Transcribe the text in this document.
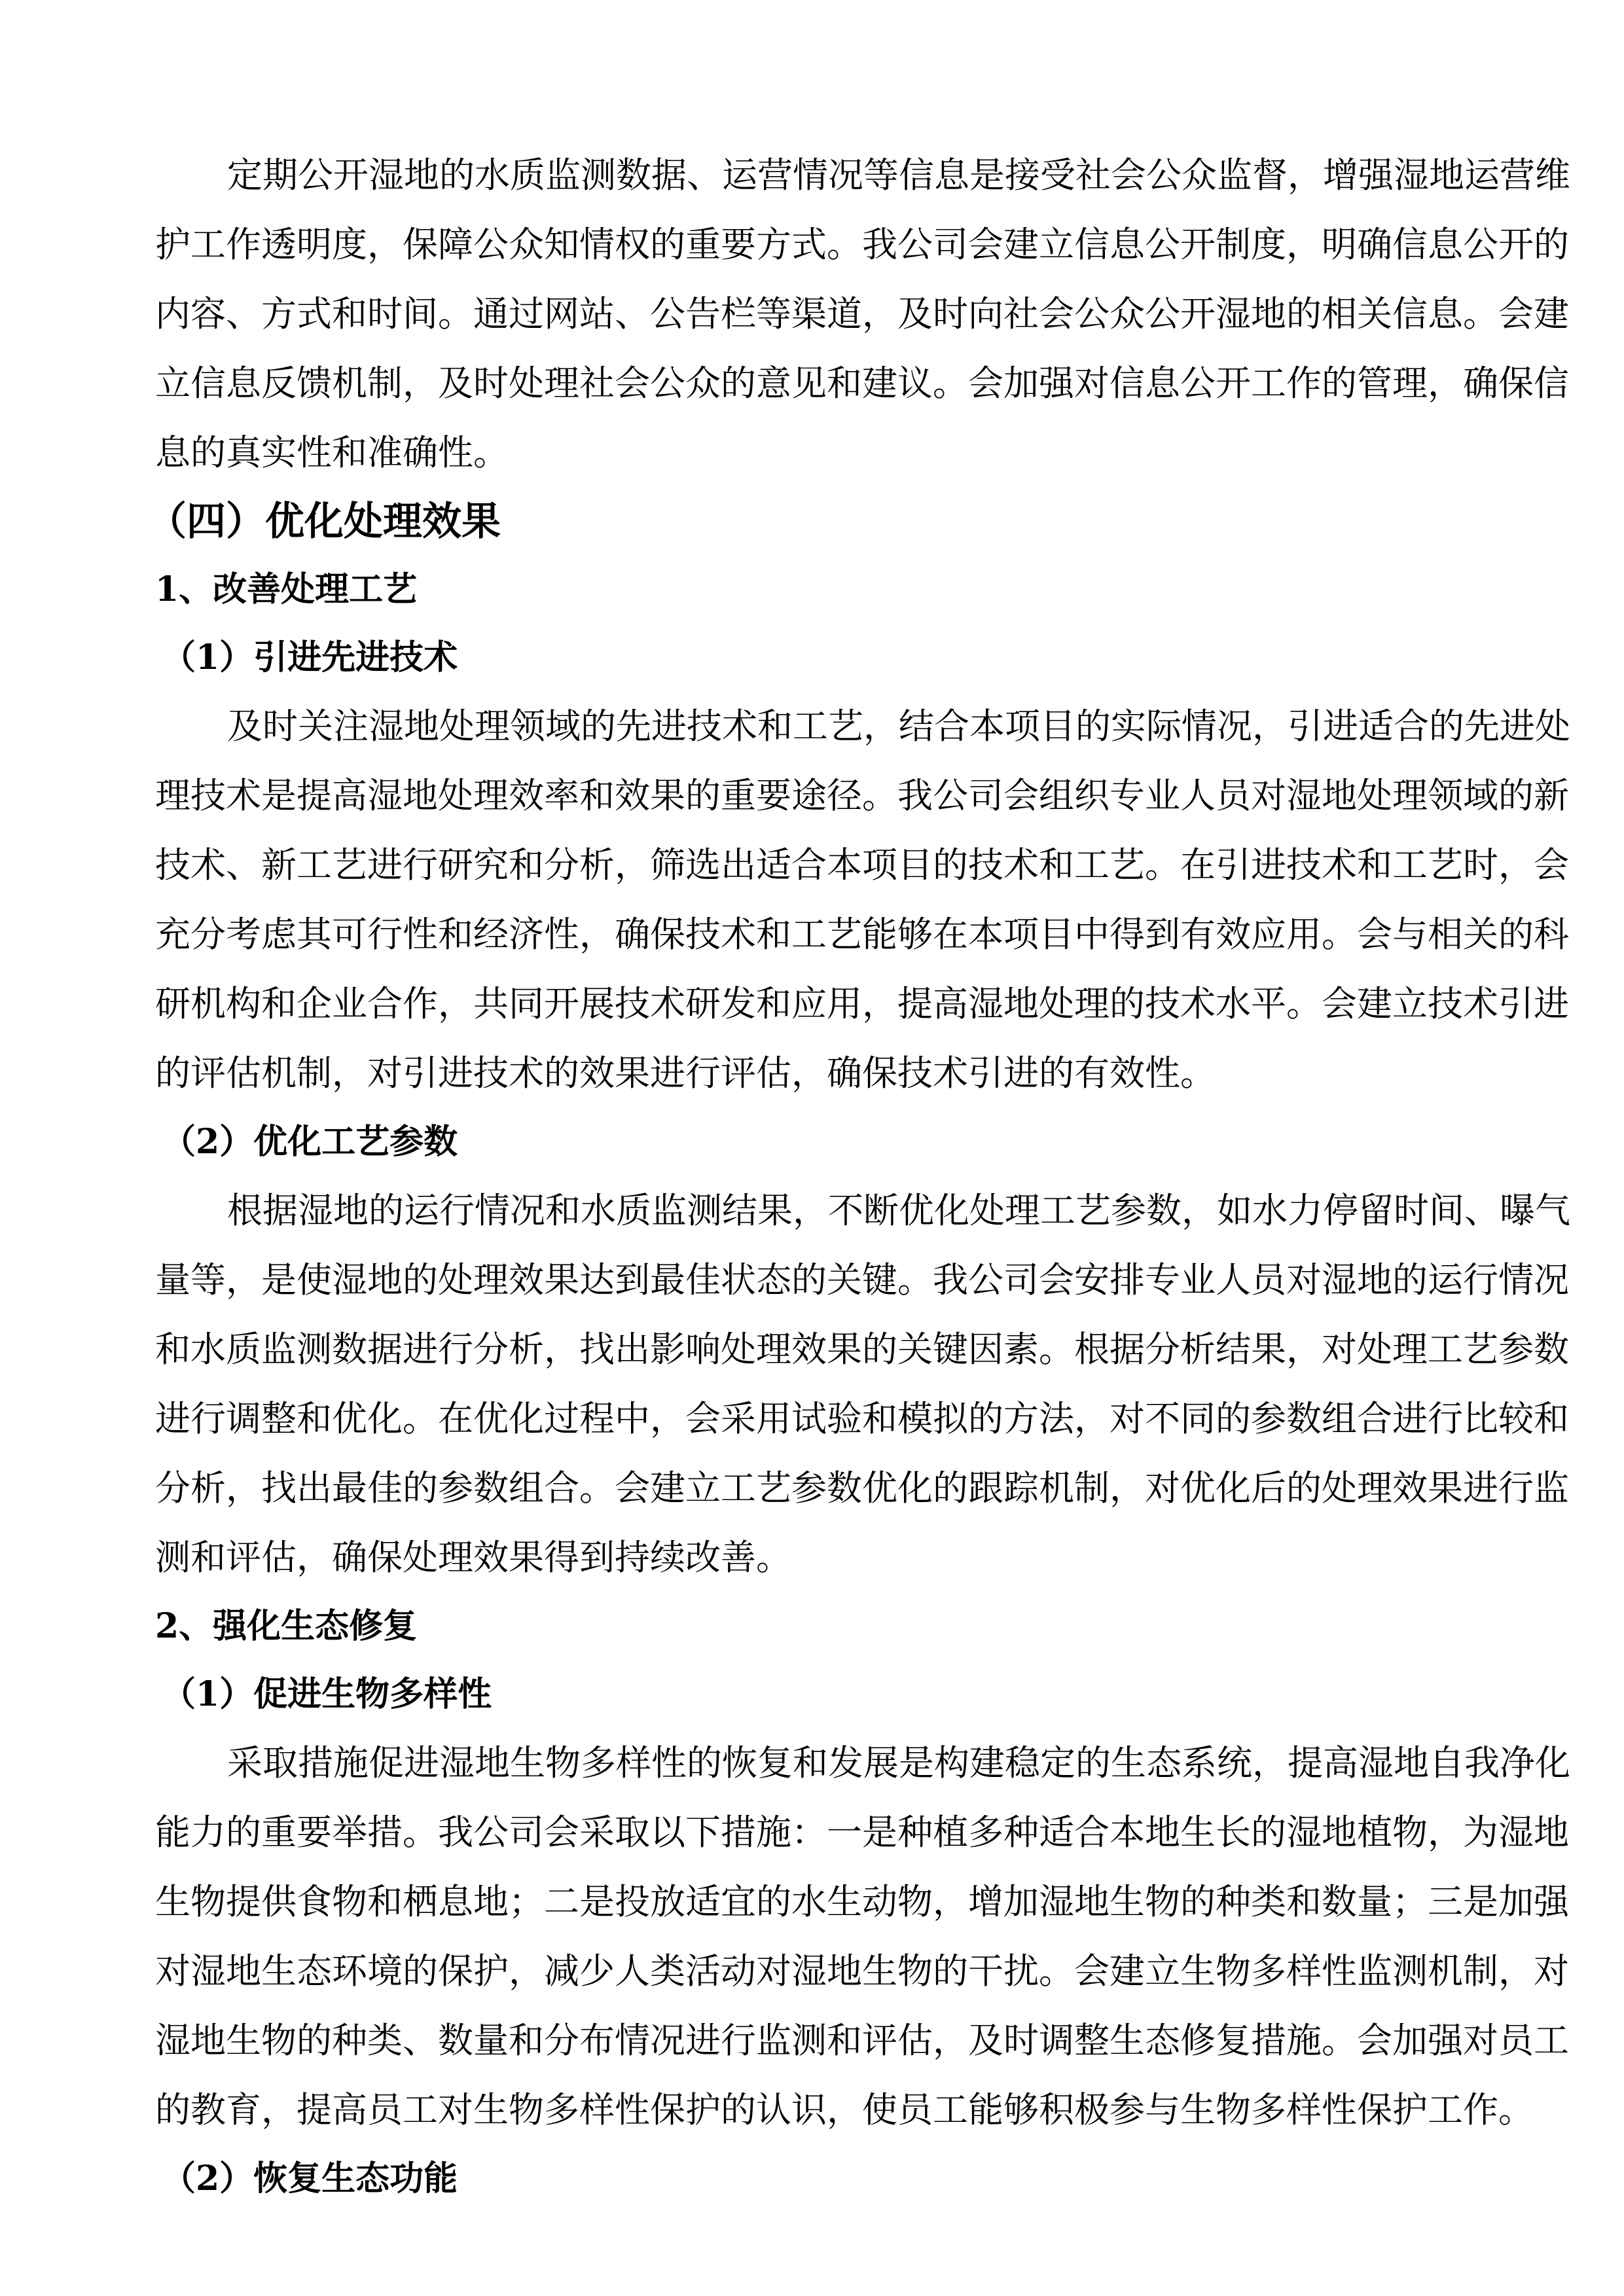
定期公开湿地的水质监测数据、运营情况等信息是接受社会公众监督，增强湿地运营维
护工作透明度，保障公众知情权的重要方式。我公司会建立信息公开制度，明确信息公开的
内容、方式和时间。通过网站、公告栏等渠道，及时向社会公众公开湿地的相关信息。会建
立信息反馈机制，及时处理社会公众的意见和建议。会加强对信息公开工作的管理，确保信
息的真实性和准确性。
（四）优化处理效果
1、改善处理工艺
（1）引进先进技术
及时关注湿地处理领域的先进技术和工艺，结合本项目的实际情况，引进适合的先进处
理技术是提高湿地处理效率和效果的重要途径。我公司会组织专业人员对湿地处理领域的新
技术、新工艺进行研究和分析，筛选出适合本项目的技术和工艺。在引进技术和工艺时，会
充分考虑其可行性和经济性，确保技术和工艺能够在本项目中得到有效应用。会与相关的科
研机构和企业合作，共同开展技术研发和应用，提高湿地处理的技术水平。会建立技术引进
的评估机制，对引进技术的效果进行评估，确保技术引进的有效性。
（2）优化工艺参数
根据湿地的运行情况和水质监测结果，不断优化处理工艺参数，如水力停留时间、曝气
量等，是使湿地的处理效果达到最佳状态的关键。我公司会安排专业人员对湿地的运行情况
和水质监测数据进行分析，找出影响处理效果的关键因素。根据分析结果，对处理工艺参数
进行调整和优化。在优化过程中，会采用试验和模拟的方法，对不同的参数组合进行比较和
分析，找出最佳的参数组合。会建立工艺参数优化的跟踪机制，对优化后的处理效果进行监
测和评估，确保处理效果得到持续改善。
2、强化生态修复
（1）促进生物多样性
采取措施促进湿地生物多样性的恢复和发展是构建稳定的生态系统，提高湿地自我净化
能力的重要举措。我公司会采取以下措施：一是种植多种适合本地生长的湿地植物，为湿地
生物提供食物和栖息地；二是投放适宜的水生动物，增加湿地生物的种类和数量；三是加强
对湿地生态环境的保护，减少人类活动对湿地生物的干扰。会建立生物多样性监测机制，对
湿地生物的种类、数量和分布情况进行监测和评估，及时调整生态修复措施。会加强对员工
的教育，提高员工对生物多样性保护的认识，使员工能够积极参与生物多样性保护工作。
（2）恢复生态功能
